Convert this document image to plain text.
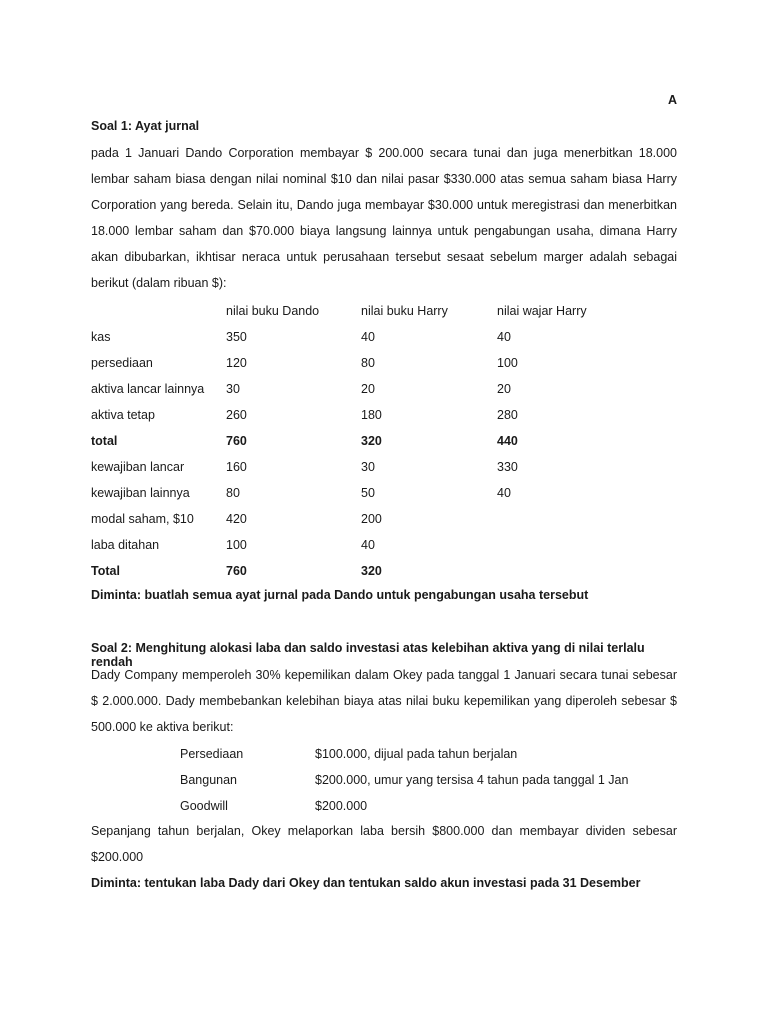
A
Soal 1: Ayat jurnal
pada 1 Januari Dando Corporation membayar $ 200.000 secara tunai dan juga menerbitkan 18.000 lembar saham biasa dengan nilai nominal $10 dan nilai pasar $330.000 atas semua saham biasa Harry Corporation yang bereda. Selain itu, Dando juga membayar $30.000 untuk meregistrasi dan menerbitkan 18.000 lembar saham dan $70.000 biaya langsung lainnya untuk pengabungan usaha, dimana Harry akan dibubarkan, ikhtisar neraca untuk perusahaan tersebut sesaat sebelum marger adalah sebagai berikut (dalam ribuan $):
	nilai buku Dando	nilai buku Harry	nilai wajar Harry
kas	350	40	40
persediaan	120	80	100
aktiva lancar lainnya	30	20	20
aktiva tetap	260	180	280
total	760	320	440
kewajiban lancar	160	30	330
kewajiban lainnya	80	50	40
modal saham, $10	420	200	
laba ditahan	100	40	
Total	760	320	
Diminta: buatlah semua ayat jurnal pada Dando untuk pengabungan usaha tersebut
Soal 2: Menghitung alokasi laba dan saldo investasi atas kelebihan aktiva yang di nilai terlalu rendah
Dady Company memperoleh 30% kepemilikan dalam Okey pada tanggal 1 Januari secara tunai sebesar $ 2.000.000. Dady membebankan kelebihan biaya atas nilai buku kepemilikan yang diperoleh sebesar $ 500.000 ke aktiva berikut:
Persediaan	$100.000, dijual pada tahun berjalan
Bangunan	$200.000, umur yang tersisa 4 tahun pada tanggal 1 Jan
Goodwill	$200.000
Sepanjang tahun berjalan, Okey melaporkan laba bersih $800.000 dan membayar dividen sebesar $200.000
Diminta: tentukan laba Dady dari Okey dan tentukan saldo akun investasi pada 31 Desember
